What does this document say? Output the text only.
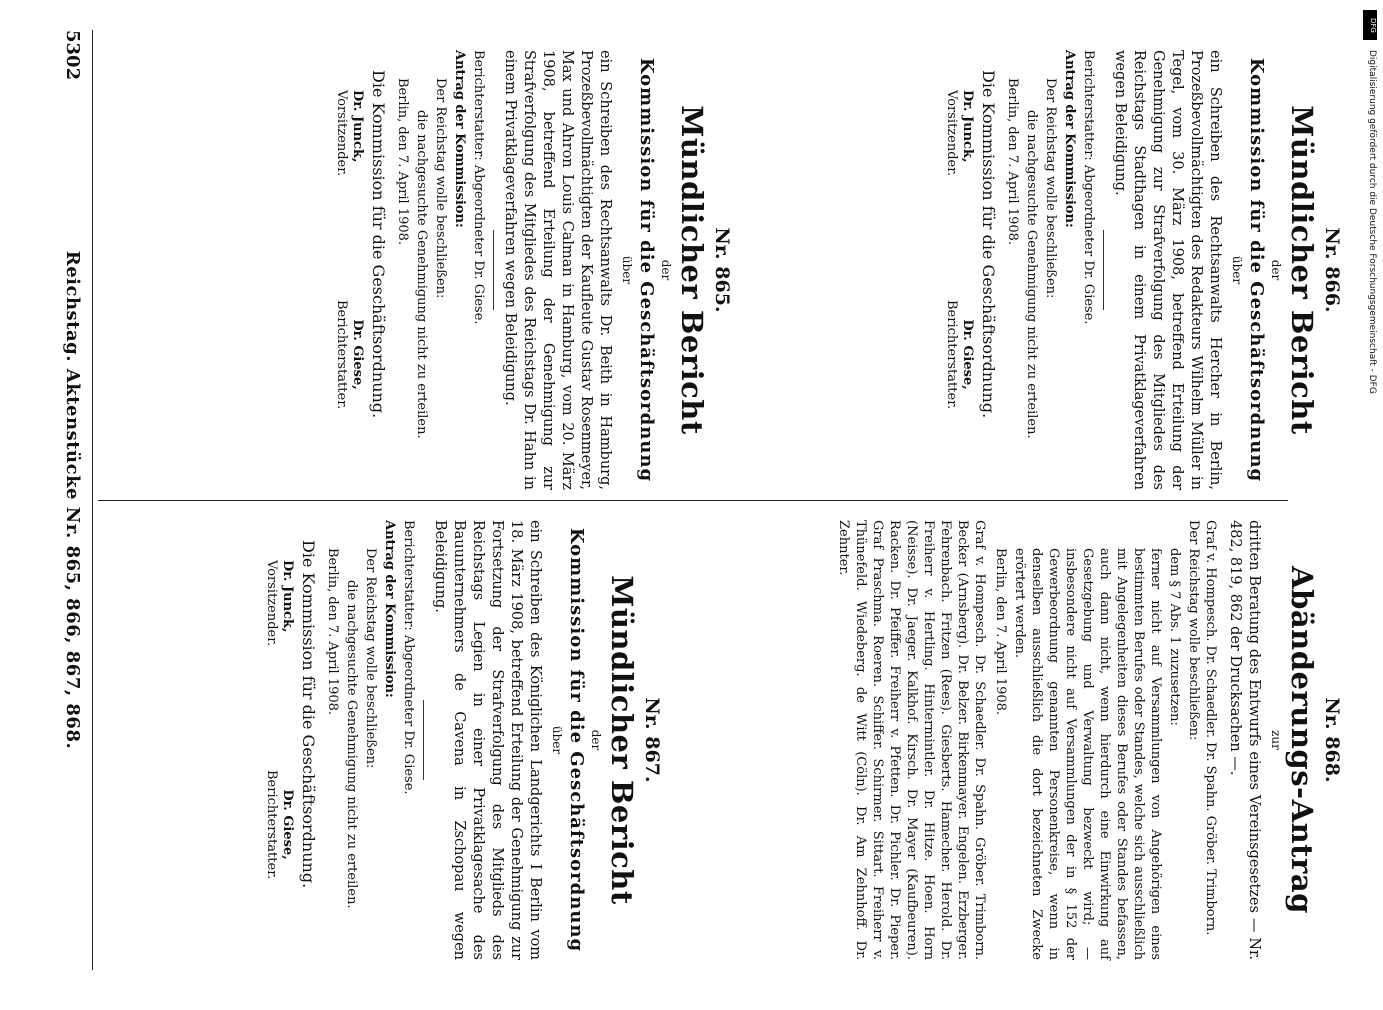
5302
Reichstag. Aktenstücke Nr. 865, 866, 867, 868.	Nr. 866.
Mündlicher Bericht
der
Kommission für die Geschäftsordnung
über
ein Schreiben des Rechtsanwalts Hercher in Berlin, Prozeßbevollmächtigten des Redakteurs Wilhelm Müller in Tegel, vom 30. März 1908, betreffend Erteilung der Genehmigung zur Strafverfolgung des Mitgliedes des Reichstags Stadthagen in einem Privatklageverfahren wegen Beleidigung.
Berichterstatter: Abgeordneter Dr. Giese.
Antrag der Kommission:
Der Reichstag wolle beschließen:
die nachgesuchte Genehmigung nicht zu erteilen.
Berlin, den 7. April 1908.
Die Kommission für die Geschäftsordnung.
Dr. Junck,
Vorsitzender.
Dr. Giese,
Berichterstatter.
Nr. 865.
Mündlicher Bericht
der
Kommission für die Geschäftsordnung
über
ein Schreiben des Rechtsanwalts Dr. Beith in Hamburg, Prozeßbevollmächtigten der Kaufleute Gustav Rosenmeyer, Max und Ahron Louis Calman in Hamburg, vom 20. März 1908, betreffend Erteilung der Genehmigung zur Strafverfolgung des Mitgliedes des Reichstags Dr. Hahn in einem Privatklageverfahren wegen Beleidigung.
Berichterstatter: Abgeordneter Dr. Giese.
Antrag der Kommission:
Der Reichstag wolle beschließen:
die nachgesuchte Genehmigung nicht zu erteilen.
Berlin, den 7. April 1908.
Die Kommission für die Geschäftsordnung.
Dr. Junck,
Vorsitzender.
Dr. Giese,
Berichterstatter.
Nr. 868.
Abänderungs-Antrag
zur
dritten Beratung des Entwurfs eines Vereinsgesetzes — Nr. 482, 819, 862 der Drucksachen —.
Graf v. Hompesch. Dr. Schaedler. Dr. Spahn. Gröber. Trimborn. Der Reichstag wolle beschließen:
dem § 7 Abs. 1 zuzusetzen:
ferner nicht auf Versammlungen von Angehörigen eines bestimmten Berufes oder Standes, welche sich ausschließlich mit Angelegenheiten dieses Berufes oder Standes befassen, auch dann nicht, wenn hierdurch eine Einwirkung auf Gesetzgebung und Verwaltung bezweckt wird; — insbesondere nicht auf Versammlungen der in § 152 der Gewerbeordnung genannten Personenkreise, wenn in denselben ausschließlich die dort bezeichneten Zwecke erörtert werden.
Berlin, den 7. April 1908.
Graf v. Hompesch. Dr. Schaedler. Dr. Spahn. Gröber. Trimborn. Becker (Arnsberg). Dr. Belzer. Birkenmayer. Engelen. Erzberger. Fehrenbach. Fritzen (Rees). Giesberts. Hamecher. Herold. Dr. Freiherr v. Hertling. Hintermintler. Dr. Hitze. Hoen. Horn (Neisse). Dr. Jaeger. Kalkhof. Kirsch. Dr. Mayer (Kaufbeuren). Racken. Dr. Pfeiffer. Freiherr v. Pfetten. Dr. Pichler. Dr. Pieper. Graf Praschma. Roeren. Schiffer. Schirmer. Sittart. Freiherr v. Thünefeld. Wiedeberg. de Witt (Cöln). Dr. Am Zehnhoff. Dr. Zehnter.
Nr. 867.
Mündlicher Bericht
der
Kommission für die Geschäftsordnung
über
ein Schreiben des Königlichen Landgerichts I Berlin vom 18. März 1908, betreffend Erteilung der Genehmigung zur Fortsetzung der Strafverfolgung des Mitglieds des Reichstags Legien in einer Privatklagesache des Bauunternehmers de Cavena in Zschopau wegen Beleidigung.
Berichterstatter: Abgeordneter Dr. Giese.
Antrag der Kommission:
Der Reichstag wolle beschließen:
die nachgesuchte Genehmigung nicht zu erteilen.
Berlin, den 7. April 1908.
Die Kommission für die Geschäftsordnung.
Dr. Junck,
Vorsitzender.
Dr. Giese,
Berichterstatter.
DFG
Digitalisierung gefördert durch die Deutsche Forschungsgemeinschaft - DFG
